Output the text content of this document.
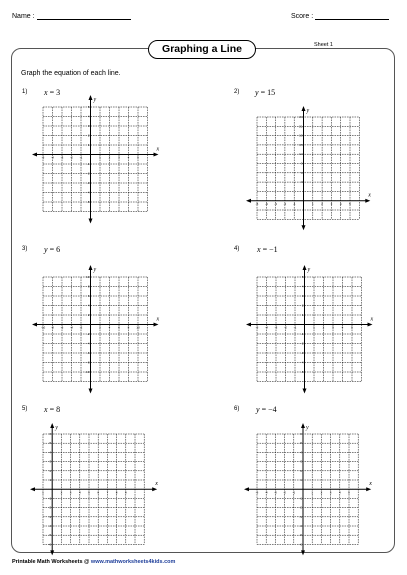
Name :	Score :
Graphing a Line	Sheet 1
Graph the equation of each line.
1) x = 3
x
y
-5 -4 -3 -2 -1	1	2	3	4	5
5
4
3
2
1
-1
-2
-3
-4
-5
2) y = 15
x
y
-5 -4 -3 -2 -1	1	2	3	4	5
24
21
18
15
12
9
6
3
3) y = 6
x
y
-10 -8 -6 -4 -2	2	4	6	8 10
10
8
6
4
2
-2
-4
-6
-8
-10
4) x = −1
x
y
-5 -4 -3 -2 -1	1	2	3	4	5
5
4
3
2
1
-1
-2
-3
-4
-5
5) x = 8
x
y
1	2	3	4	5	6	7	8	9
6
5
4
3
2
1
-1
-2
-3
-4
-5
-6
6) y = −4
x
y
-5 -4 -3 -2 -1	1	2	3	4	5
6
5
4
3
2
1
-1
-2
-3
-4
-5
-6
Printable Math Worksheets @ www.mathworksheets4kids.com
